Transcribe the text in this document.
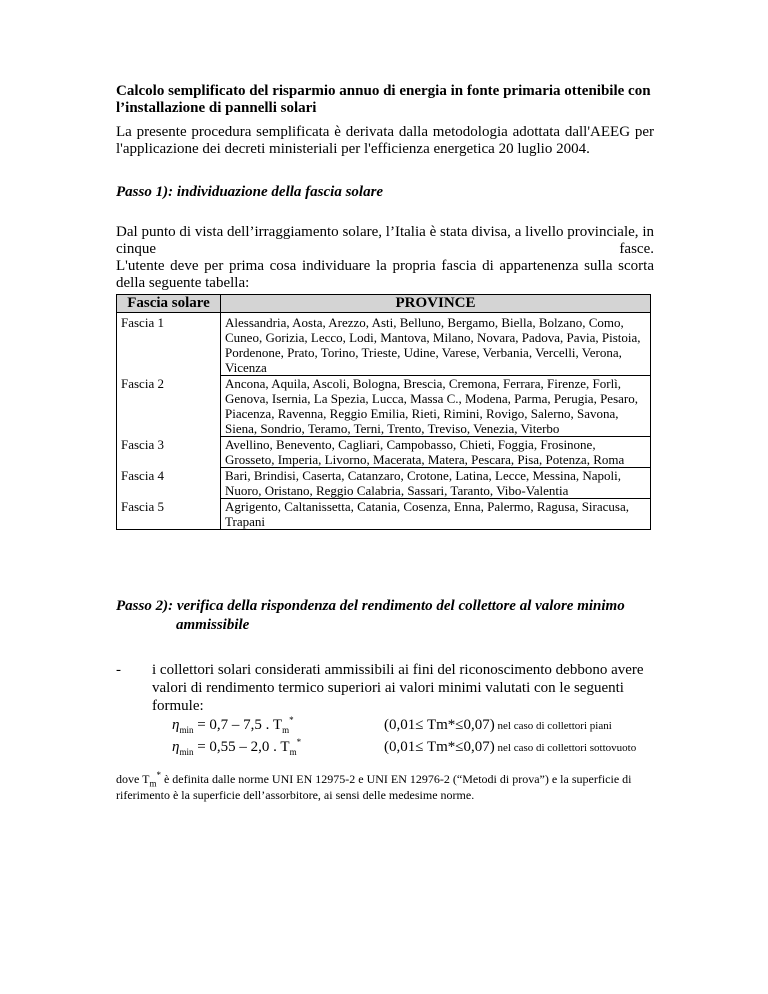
Calcolo semplificato del risparmio annuo di energia in fonte primaria ottenibile con l’installazione di pannelli solari
La presente procedura semplificata è derivata dalla metodologia adottata dall'AEEG per l'applicazione dei decreti ministeriali per l'efficienza energetica 20 luglio 2004.
Passo 1): individuazione della fascia solare

Dal punto di vista dell’irraggiamento solare, l’Italia è stata divisa, a livello provinciale, in cinque fasce.

L'utente deve per prima cosa individuare la propria fascia di appartenenza sulla scorta della seguente tabella:

Fascia solare	PROVINCE
Fascia 1	Alessandria, Aosta, Arezzo, Asti, Belluno, Bergamo, Biella, Bolzano, Como, Cuneo, Gorizia, Lecco, Lodi, Mantova, Milano, Novara, Padova, Pavia, Pistoia, Pordenone, Prato, Torino, Trieste, Udine, Varese, Verbania, Vercelli, Verona, Vicenza
Fascia 2	Ancona, Aquila, Ascoli, Bologna, Brescia, Cremona, Ferrara, Firenze, Forlì, Genova, Isernia, La Spezia, Lucca, Massa C., Modena, Parma, Perugia, Pesaro, Piacenza, Ravenna, Reggio Emilia, Rieti, Rimini, Rovigo, Salerno, Savona, Siena, Sondrio, Teramo, Terni, Trento, Treviso, Venezia, Viterbo
Fascia 3	Avellino, Benevento, Cagliari, Campobasso, Chieti, Foggia, Frosinone, Grosseto, Imperia, Livorno, Macerata, Matera, Pescara, Pisa, Potenza, Roma
Fascia 4	Bari, Brindisi, Caserta, Catanzaro, Crotone, Latina, Lecce, Messina, Napoli, Nuoro, Oristano, Reggio Calabria, Sassari, Taranto, Vibo-Valentia
Fascia 5	Agrigento, Caltanissetta, Catania, Cosenza, Enna, Palermo, Ragusa, Siracusa, Trapani
Passo 2): verifica della rispondenza del rendimento del collettore al valore minimo
ammissibile
- i collettori solari considerati ammissibili ai fini del riconoscimento debbono avere valori di rendimento termico superiori ai valori minimi valutati con le seguenti formule:
$\eta_{min} = 0,7 - 7,5$ . $T_m^*$	(0,01≤ Tm*≤0,07) nel caso di collettori piani
$\eta_{min} = 0,55 - 2,0$ . $T_m^*$	(0,01≤ Tm*≤0,07) nel caso di collettori sottovuoto
dove $T_m^*$ è definita dalle norme UNI EN 12975-2 e UNI EN 12976-2 (“Metodi di prova”) e la superficie di
riferimento è la superficie dell’assorbitore, ai sensi delle medesime norme.
